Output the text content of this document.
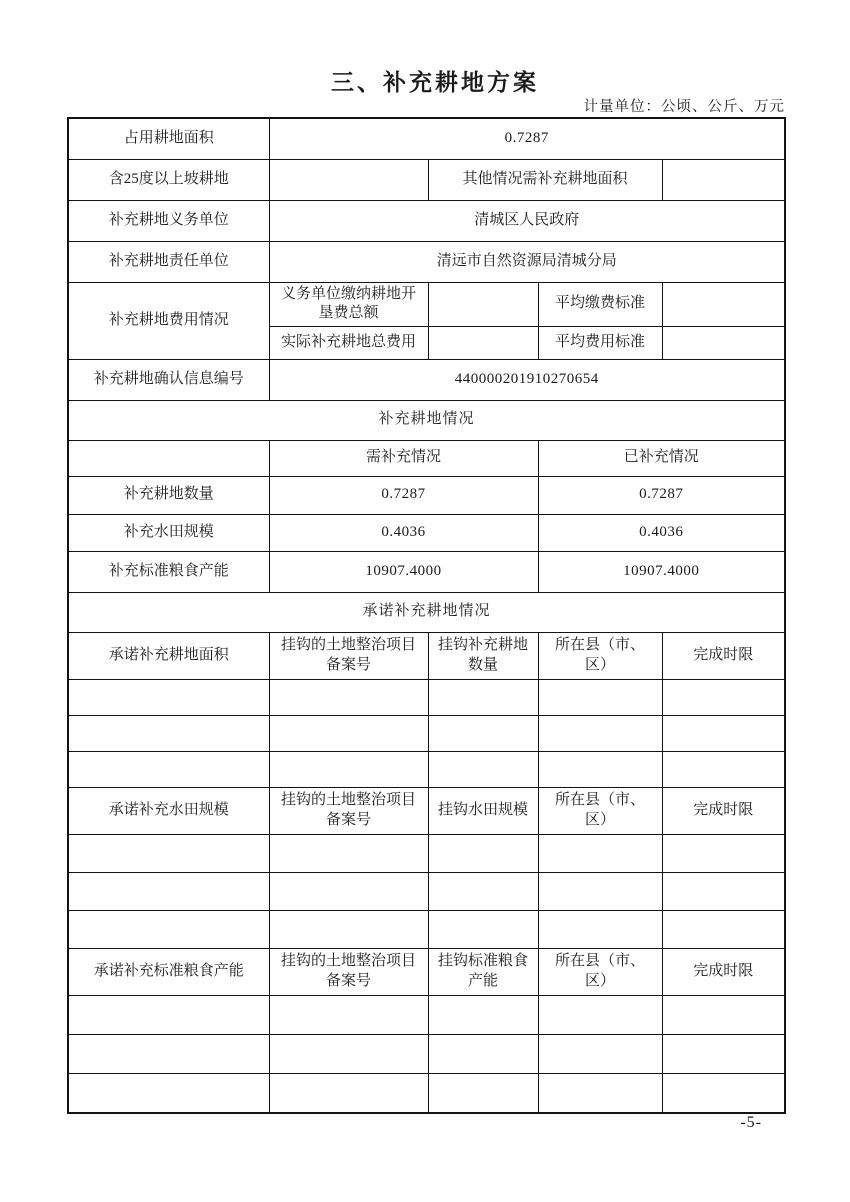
三、补充耕地方案
计量单位：公顷、公斤、万元
占用耕地面积	0.7287			
含25度以上坡耕地		其他情况需补充耕地面积		
补充耕地义务单位	清城区人民政府			
补充耕地责任单位	清远市自然资源局清城分局			
补充耕地费用情况	义务单位缴纳耕地开垦费总额		平均缴费标准	
	实际补充耕地总费用		平均费用标准	
补充耕地确认信息编号	440000201910270654			
补充耕地情况				
	需补充情况		已补充情况	
补充耕地数量	0.7287		0.7287	
补充水田规模	0.4036		0.4036	
补充标准粮食产能	10907.4000		10907.4000	
承诺补充耕地情况				
承诺补充耕地面积	挂钩的土地整治项目备案号	挂钩补充耕地数量	所在县（市、区）	完成时限

承诺补充水田规模	挂钩的土地整治项目备案号	挂钩水田规模	所在县（市、区）	完成时限

承诺补充标准粮食产能	挂钩的土地整治项目备案号	挂钩标准粮食产能	所在县（市、区）	完成时限

-5-
